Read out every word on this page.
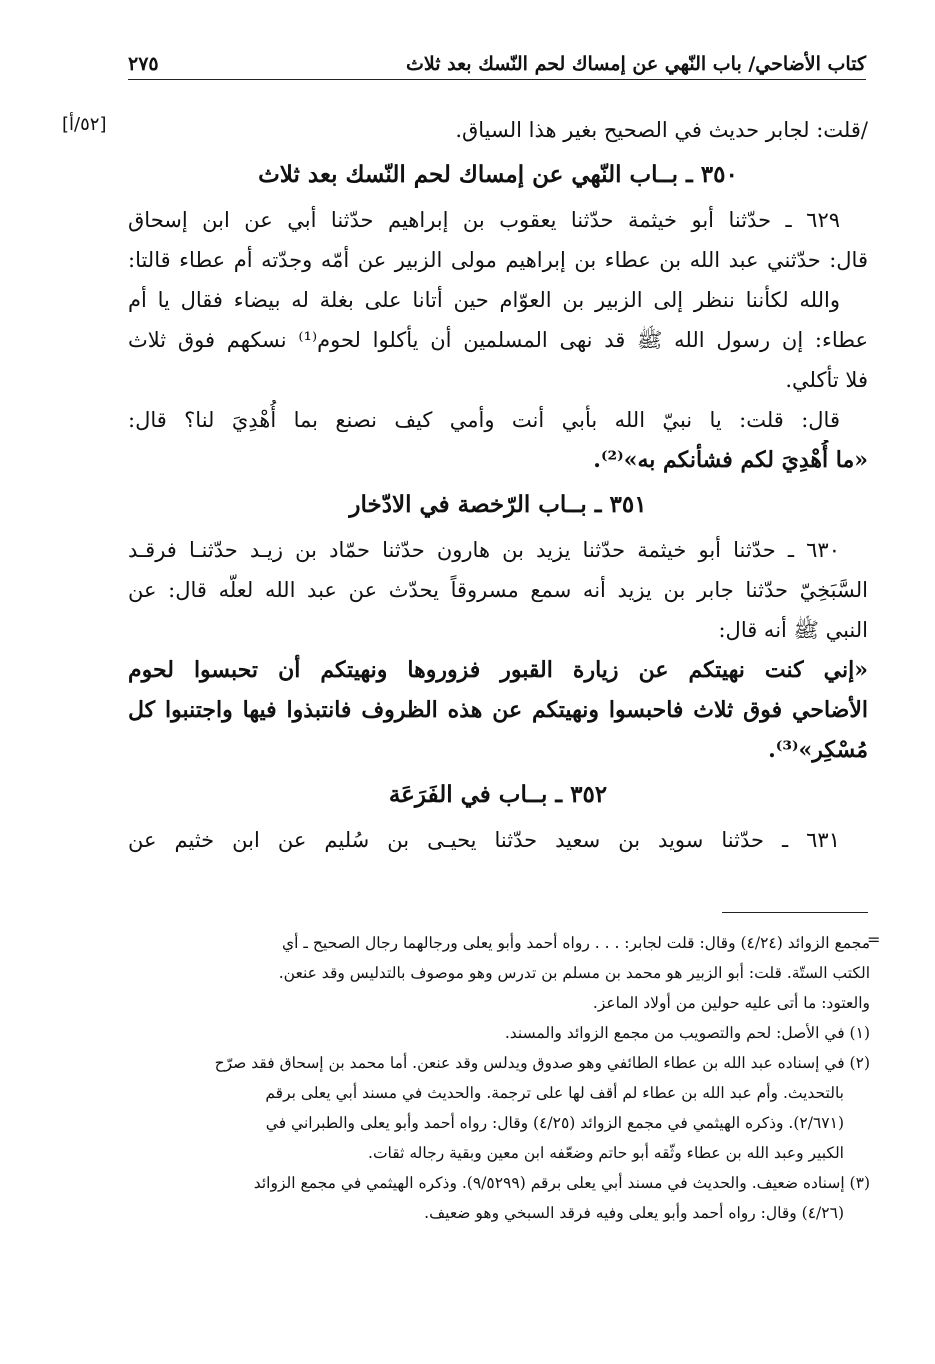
كتاب الأضاحي/ باب النّهي عن إمساك لحم النّسك بعد ثلاث
٢٧٥
[٥٢/أ]	/قلت: لجابر حديث في الصحيح بغير هذا السياق.

٣٥٠ ـ بــاب النّهي عن إمساك لحم النّسك بعد ثلاث

٦٢٩ ـ حدّثنا أبو خيثمة حدّثنا يعقوب بن إبراهيم حدّثنا أبي عن ابن إسحاق

قال: حدّثني عبد الله بن عطاء بن إبراهيم مولى الزبير عن أمّه وجدّته أم عطاء قالتا:

والله لكأننا ننظر إلى الزبير بن العوّام حين أتانا على بغلة له بيضاء فقال يا أم

عطاء: إن رسول الله ﷺ قد نهى المسلمين أن يأكلوا لحوم⁽¹⁾ نسكهم فوق ثلاث

فلا تأكلي.

قال: قلت: يا نبيّ الله بأبي أنت وأمي كيف نصنع بما أُهْدِيَ لنا؟ قال:

«ما أُهْدِيَ لكم فشأنكم به»⁽²⁾.

٣٥١ ـ بــاب الرّخصة في الادّخار

٦٣٠ ـ حدّثنا أبو خيثمة حدّثنا يزيد بن هارون حدّثنا حمّاد بن زيـد حدّثنـا فرقـد

السَّبَخِيّ حدّثنا جابر بن يزيد أنه سمع مسروقاً يحدّث عن عبد الله لعلّه قال: عن

النبي ﷺ أنه قال:

«إني كنت نهيتكم عن زيارة القبور فزوروها ونهيتكم أن تحبسوا لحوم

الأضاحي فوق ثلاث فاحبسوا ونهيتكم عن هذه الظروف فانتبذوا فيها واجتنبوا كل

مُسْكِر»⁽³⁾.

٣٥٢ ـ بــاب في الفَرَعَة

٦٣١ ـ حدّثنا سويد بن سعيد حدّثنا يحيـى بن سُليم عن ابن خثيم عن

=

مجمع الزوائد (٤/٢٤) وقال: قلت لجابر: . . . رواه أحمد وأبو يعلى ورجالهما رجال الصحيح ـ أي

الكتب الستّة. قلت: أبو الزبير هو محمد بن مسلم بن تدرس وهو موصوف بالتدليس وقد عنعن.

والعتود: ما أتى عليه حولين من أولاد الماعز.

(١) في الأصل: لحم والتصويب من مجمع الزوائد والمسند.

(٢) في إسناده عبد الله بن عطاء الطائفي وهو صدوق ويدلس وقد عنعن. أما محمد بن إسحاق فقد صرّح

بالتحديث. وأم عبد الله بن عطاء لم أقف لها على ترجمة. والحديث في مسند أبي يعلى برقم

(٢/٦٧١). وذكره الهيثمي في مجمع الزوائد (٤/٢٥) وقال: رواه أحمد وأبو يعلى والطبراني في

الكبير وعبد الله بن عطاء وثّقه أبو حاتم وضعّفه ابن معين وبقية رجاله ثقات.

(٣) إسناده ضعيف. والحديث في مسند أبي يعلى برقم (٩/٥٢٩٩). وذكره الهيثمي في مجمع الزوائد

(٤/٢٦) وقال: رواه أحمد وأبو يعلى وفيه فرقد السبخي وهو ضعيف.
